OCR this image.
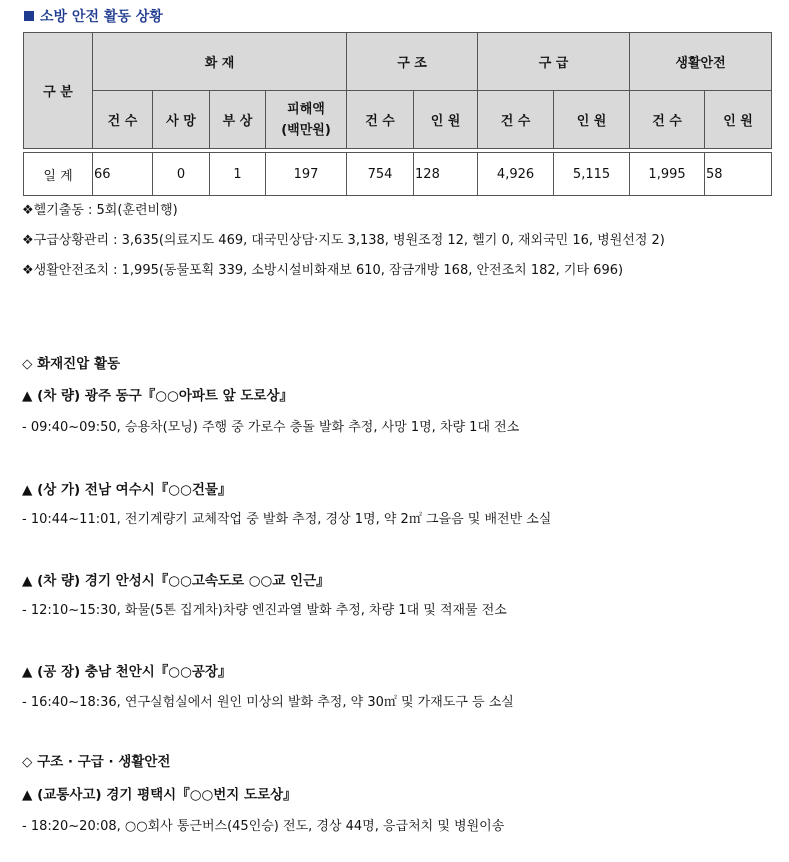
소방 안전 활동 상황
구 분	화 재				구 조		구 급		생활안전	
	건 수	사 망	부 상	피해액
(백만원)	건 수	인 원	건 수	인 원	건 수	인 원

일 계	66	0	1	197	754	128	4,926	5,115	1,995	58

❖헬기출동 : 5회(훈련비행)

❖구급상황관리 : 3,635(의료지도 469, 대국민상담·지도 3,138, 병원조정 12, 헬기 0, 재외국민 16, 병원선정 2)

❖생활안전조치 : 1,995(동물포획 339, 소방시설비화재보 610, 잠금개방 168, 안전조치 182, 기타 696)

◇ 화재진압 활동
▲ (차 량) 광주 동구『○○아파트 앞 도로상』
- 09:40~09:50, 승용차(모닝) 주행 중 가로수 충돌 발화 추정, 사망 1명, 차량 1대 전소
▲ (상 가) 전남 여수시『○○건물』
- 10:44~11:01, 전기계량기 교체작업 중 발화 추정, 경상 1명, 약 2㎡ 그을음 및 배전반 소실
▲ (차 량) 경기 안성시『○○고속도로 ○○교 인근』
- 12:10~15:30, 화물(5톤 집게차)차량 엔진과열 발화 추정, 차량 1대 및 적재물 전소
▲ (공 장) 충남 천안시『○○공장』
- 16:40~18:36, 연구실험실에서 원인 미상의 발화 추정, 약 30㎡ 및 가재도구 등 소실
◇ 구조 · 구급 · 생활안전
▲ (교통사고) 경기 평택시『○○번지 도로상』
- 18:20~20:08, ○○회사 통근버스(45인승) 전도, 경상 44명, 응급처치 및 병원이송
